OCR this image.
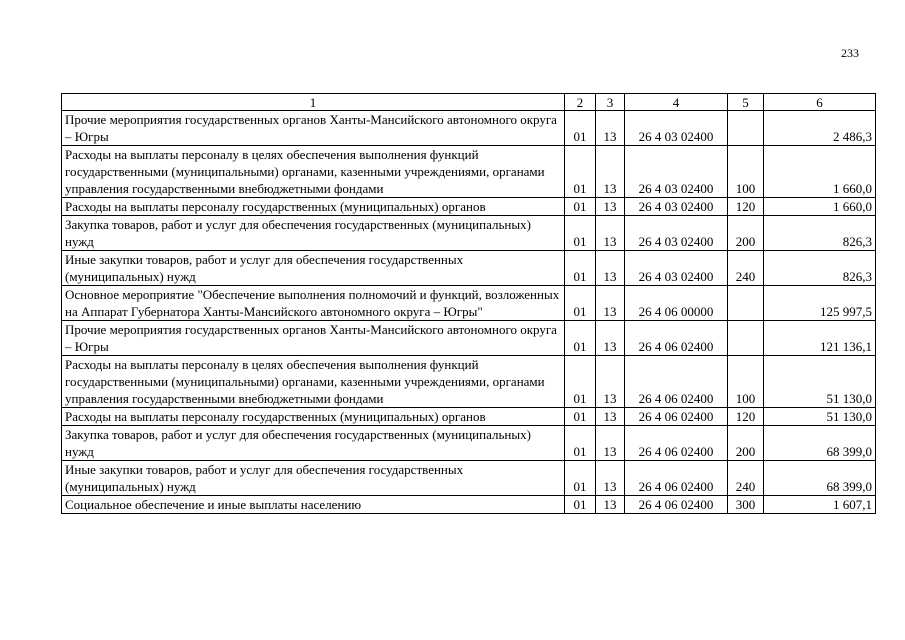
233
1	2	3	4	5	6
Прочие мероприятия государственных органов Ханты-Мансийского автономного округа – Югры	01	13	26 4 03 02400		2 486,3
Расходы на выплаты персоналу в целях обеспечения выполнения функций государственными (муниципальными) органами, казенными учреждениями, органами управления государственными внебюджетными фондами	01	13	26 4 03 02400	100	1 660,0
Расходы на выплаты персоналу государственных (муниципальных) органов	01	13	26 4 03 02400	120	1 660,0
Закупка товаров, работ и услуг для обеспечения государственных (муниципальных) нужд	01	13	26 4 03 02400	200	826,3
Иные закупки товаров, работ и услуг для обеспечения государственных (муниципальных) нужд	01	13	26 4 03 02400	240	826,3
Основное мероприятие "Обеспечение выполнения полномочий и функций, возложенных на Аппарат Губернатора Ханты-Мансийского автономного округа – Югры"	01	13	26 4 06 00000		125 997,5
Прочие мероприятия государственных органов Ханты-Мансийского автономного округа – Югры	01	13	26 4 06 02400		121 136,1
Расходы на выплаты персоналу в целях обеспечения выполнения функций государственными (муниципальными) органами, казенными учреждениями, органами управления государственными внебюджетными фондами	01	13	26 4 06 02400	100	51 130,0
Расходы на выплаты персоналу государственных (муниципальных) органов	01	13	26 4 06 02400	120	51 130,0
Закупка товаров, работ и услуг для обеспечения государственных (муниципальных) нужд	01	13	26 4 06 02400	200	68 399,0
Иные закупки товаров, работ и услуг для обеспечения государственных (муниципальных) нужд	01	13	26 4 06 02400	240	68 399,0
Социальное обеспечение и иные выплаты населению	01	13	26 4 06 02400	300	1 607,1
